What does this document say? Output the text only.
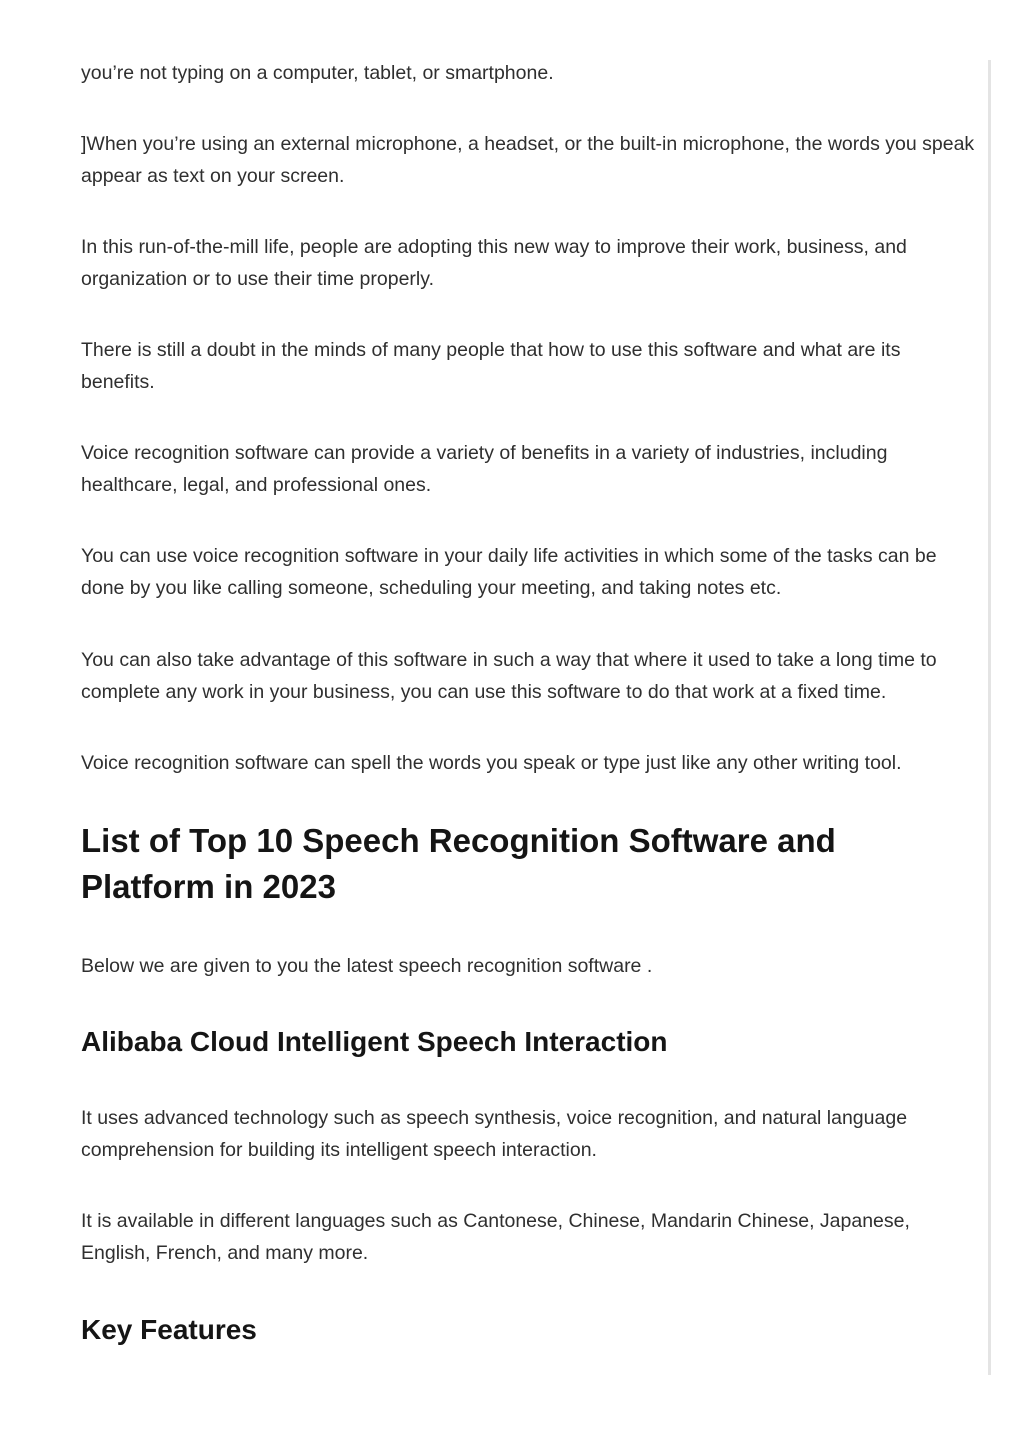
you’re not typing on a computer, tablet, or smartphone.

]When you’re using an external microphone, a headset, or the built-in microphone, the words you speak appear as text on your screen.

In this run-of-the-mill life, people are adopting this new way to improve their work, business, and organization or to use their time properly.

There is still a doubt in the minds of many people that how to use this software and what are its benefits.

Voice recognition software can provide a variety of benefits in a variety of industries, including healthcare, legal, and professional ones.

You can use voice recognition software in your daily life activities in which some of the tasks can be done by you like calling someone, scheduling your meeting, and taking notes etc.

You can also take advantage of this software in such a way that where it used to take a long time to complete any work in your business, you can use this software to do that work at a fixed time.

Voice recognition software can spell the words you speak or type just like any other writing tool.

List of Top 10 Speech Recognition Software and Platform in 2023

Below we are given to you the latest speech recognition software .

Alibaba Cloud Intelligent Speech Interaction

It uses advanced technology such as speech synthesis, voice recognition, and natural language comprehension for building its intelligent speech interaction.

It is available in different languages such as Cantonese, Chinese, Mandarin Chinese, Japanese, English, French, and many more.

Key Features
